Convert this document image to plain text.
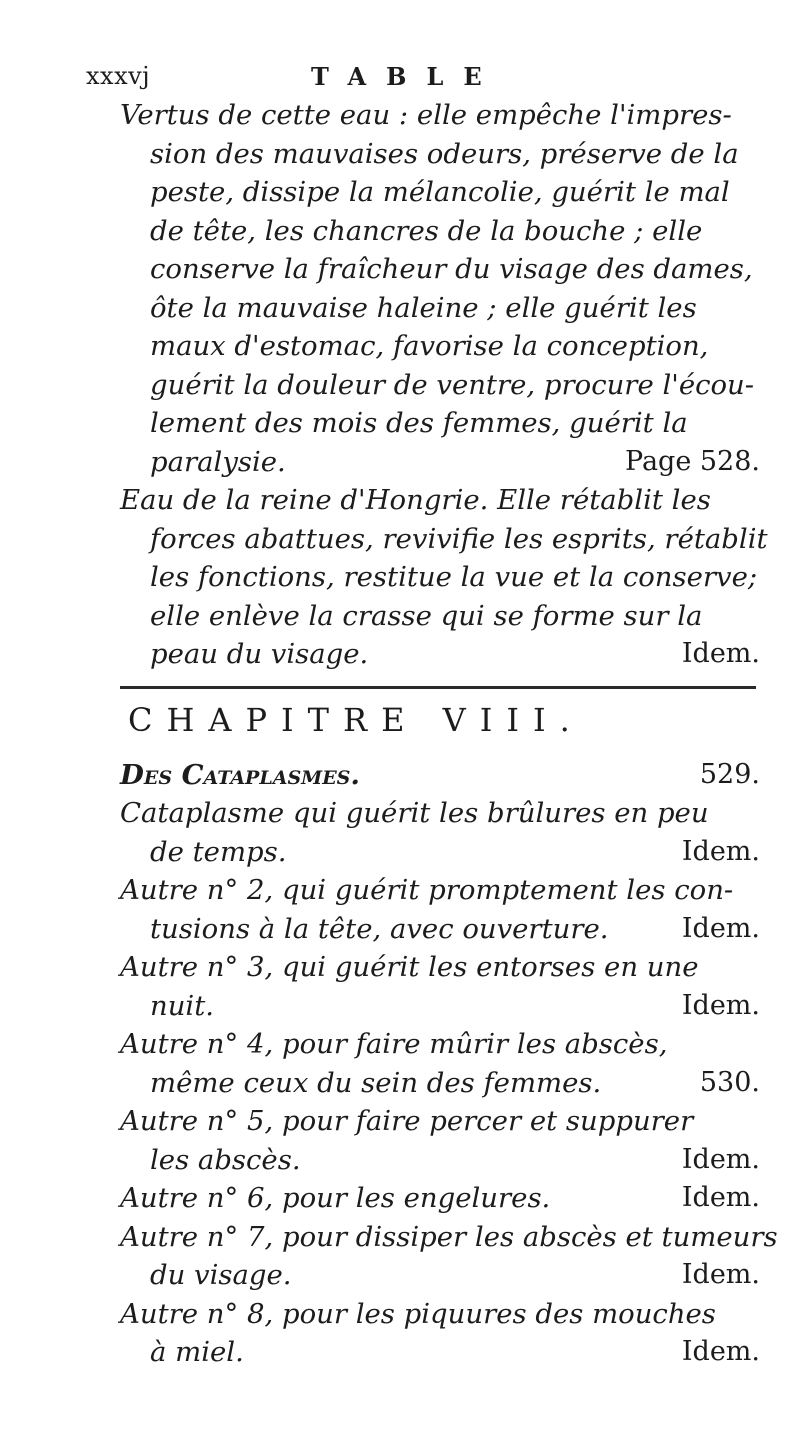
xxxvj	TABLE
Vertus de cette eau : elle empêche l'impres-
sion des mauvaises odeurs, préserve de la
peste, dissipe la mélancolie, guérit le mal
de tête, les chancres de la bouche ; elle
conserve la fraîcheur du visage des dames,
ôte la mauvaise haleine ; elle guérit les
maux d'estomac, favorise la conception,
guérit la douleur de ventre, procure l'écou-
lement des mois des femmes, guérit la
paralysie.	Page 528.
Eau de la reine d'Hongrie. Elle rétablit les
forces abattues, revivifie les esprits, rétablit
les fonctions, restitue la vue et la conserve;
elle enlève la crasse qui se forme sur la
peau du visage.	Idem.
CHAPITRE VIII.
Des Cataplasmes.	529.
Cataplasme qui guérit les brûlures en peu
de temps.	Idem.
Autre n° 2, qui guérit promptement les con-
tusions à la tête, avec ouverture.	Idem.
Autre n° 3, qui guérit les entorses en une
nuit.	Idem.
Autre n° 4, pour faire mûrir les abscès,
même ceux du sein des femmes.	530.
Autre n° 5, pour faire percer et suppurer
les abscès.	Idem.
Autre n° 6, pour les engelures.	Idem.
Autre n° 7, pour dissiper les abscès et tumeurs
du visage.	Idem.
Autre n° 8, pour les piquures des mouches
à miel.	Idem.
